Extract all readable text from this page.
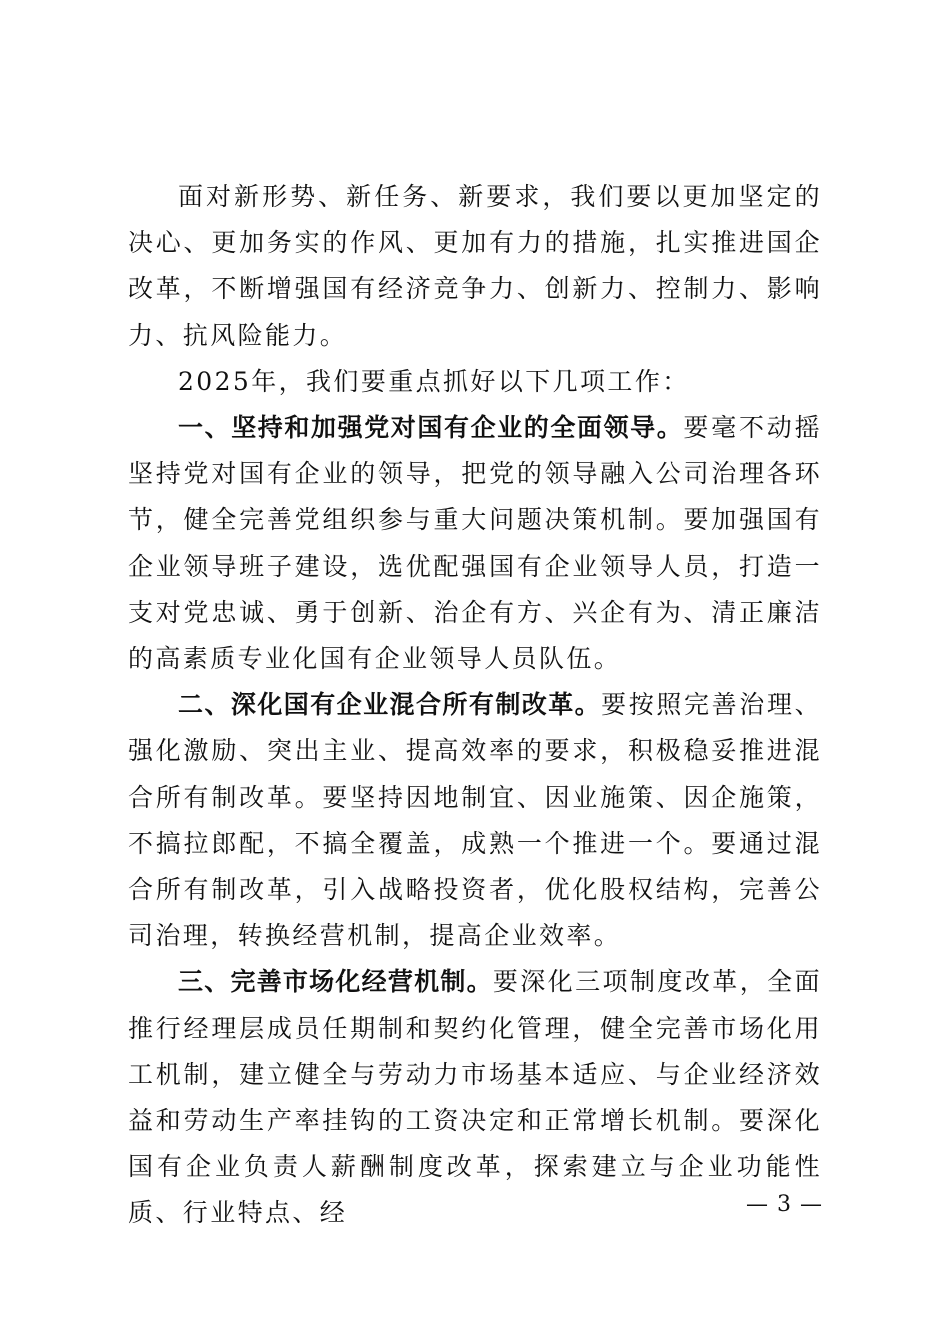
面对新形势、新任务、新要求，我们要以更加坚定的决心、更加务实的作风、更加有力的措施，扎实推进国企改革，不断增强国有经济竞争力、创新力、控制力、影响力、抗风险能力。

2025年，我们要重点抓好以下几项工作：

一、坚持和加强党对国有企业的全面领导。要毫不动摇坚持党对国有企业的领导，把党的领导融入公司治理各环节，健全完善党组织参与重大问题决策机制。要加强国有企业领导班子建设，选优配强国有企业领导人员，打造一支对党忠诚、勇于创新、治企有方、兴企有为、清正廉洁的高素质专业化国有企业领导人员队伍。

二、深化国有企业混合所有制改革。要按照完善治理、强化激励、突出主业、提高效率的要求，积极稳妥推进混合所有制改革。要坚持因地制宜、因业施策、因企施策，不搞拉郎配，不搞全覆盖，成熟一个推进一个。要通过混合所有制改革，引入战略投资者，优化股权结构，完善公司治理，转换经营机制，提高企业效率。

三、完善市场化经营机制。要深化三项制度改革，全面推行经理层成员任期制和契约化管理，健全完善市场化用工机制，建立健全与劳动力市场基本适应、与企业经济效益和劳动生产率挂钩的工资决定和正常增长机制。要深化国有企业负责人薪酬制度改革，探索建立与企业功能性质、行业特点、经	— 3 —
